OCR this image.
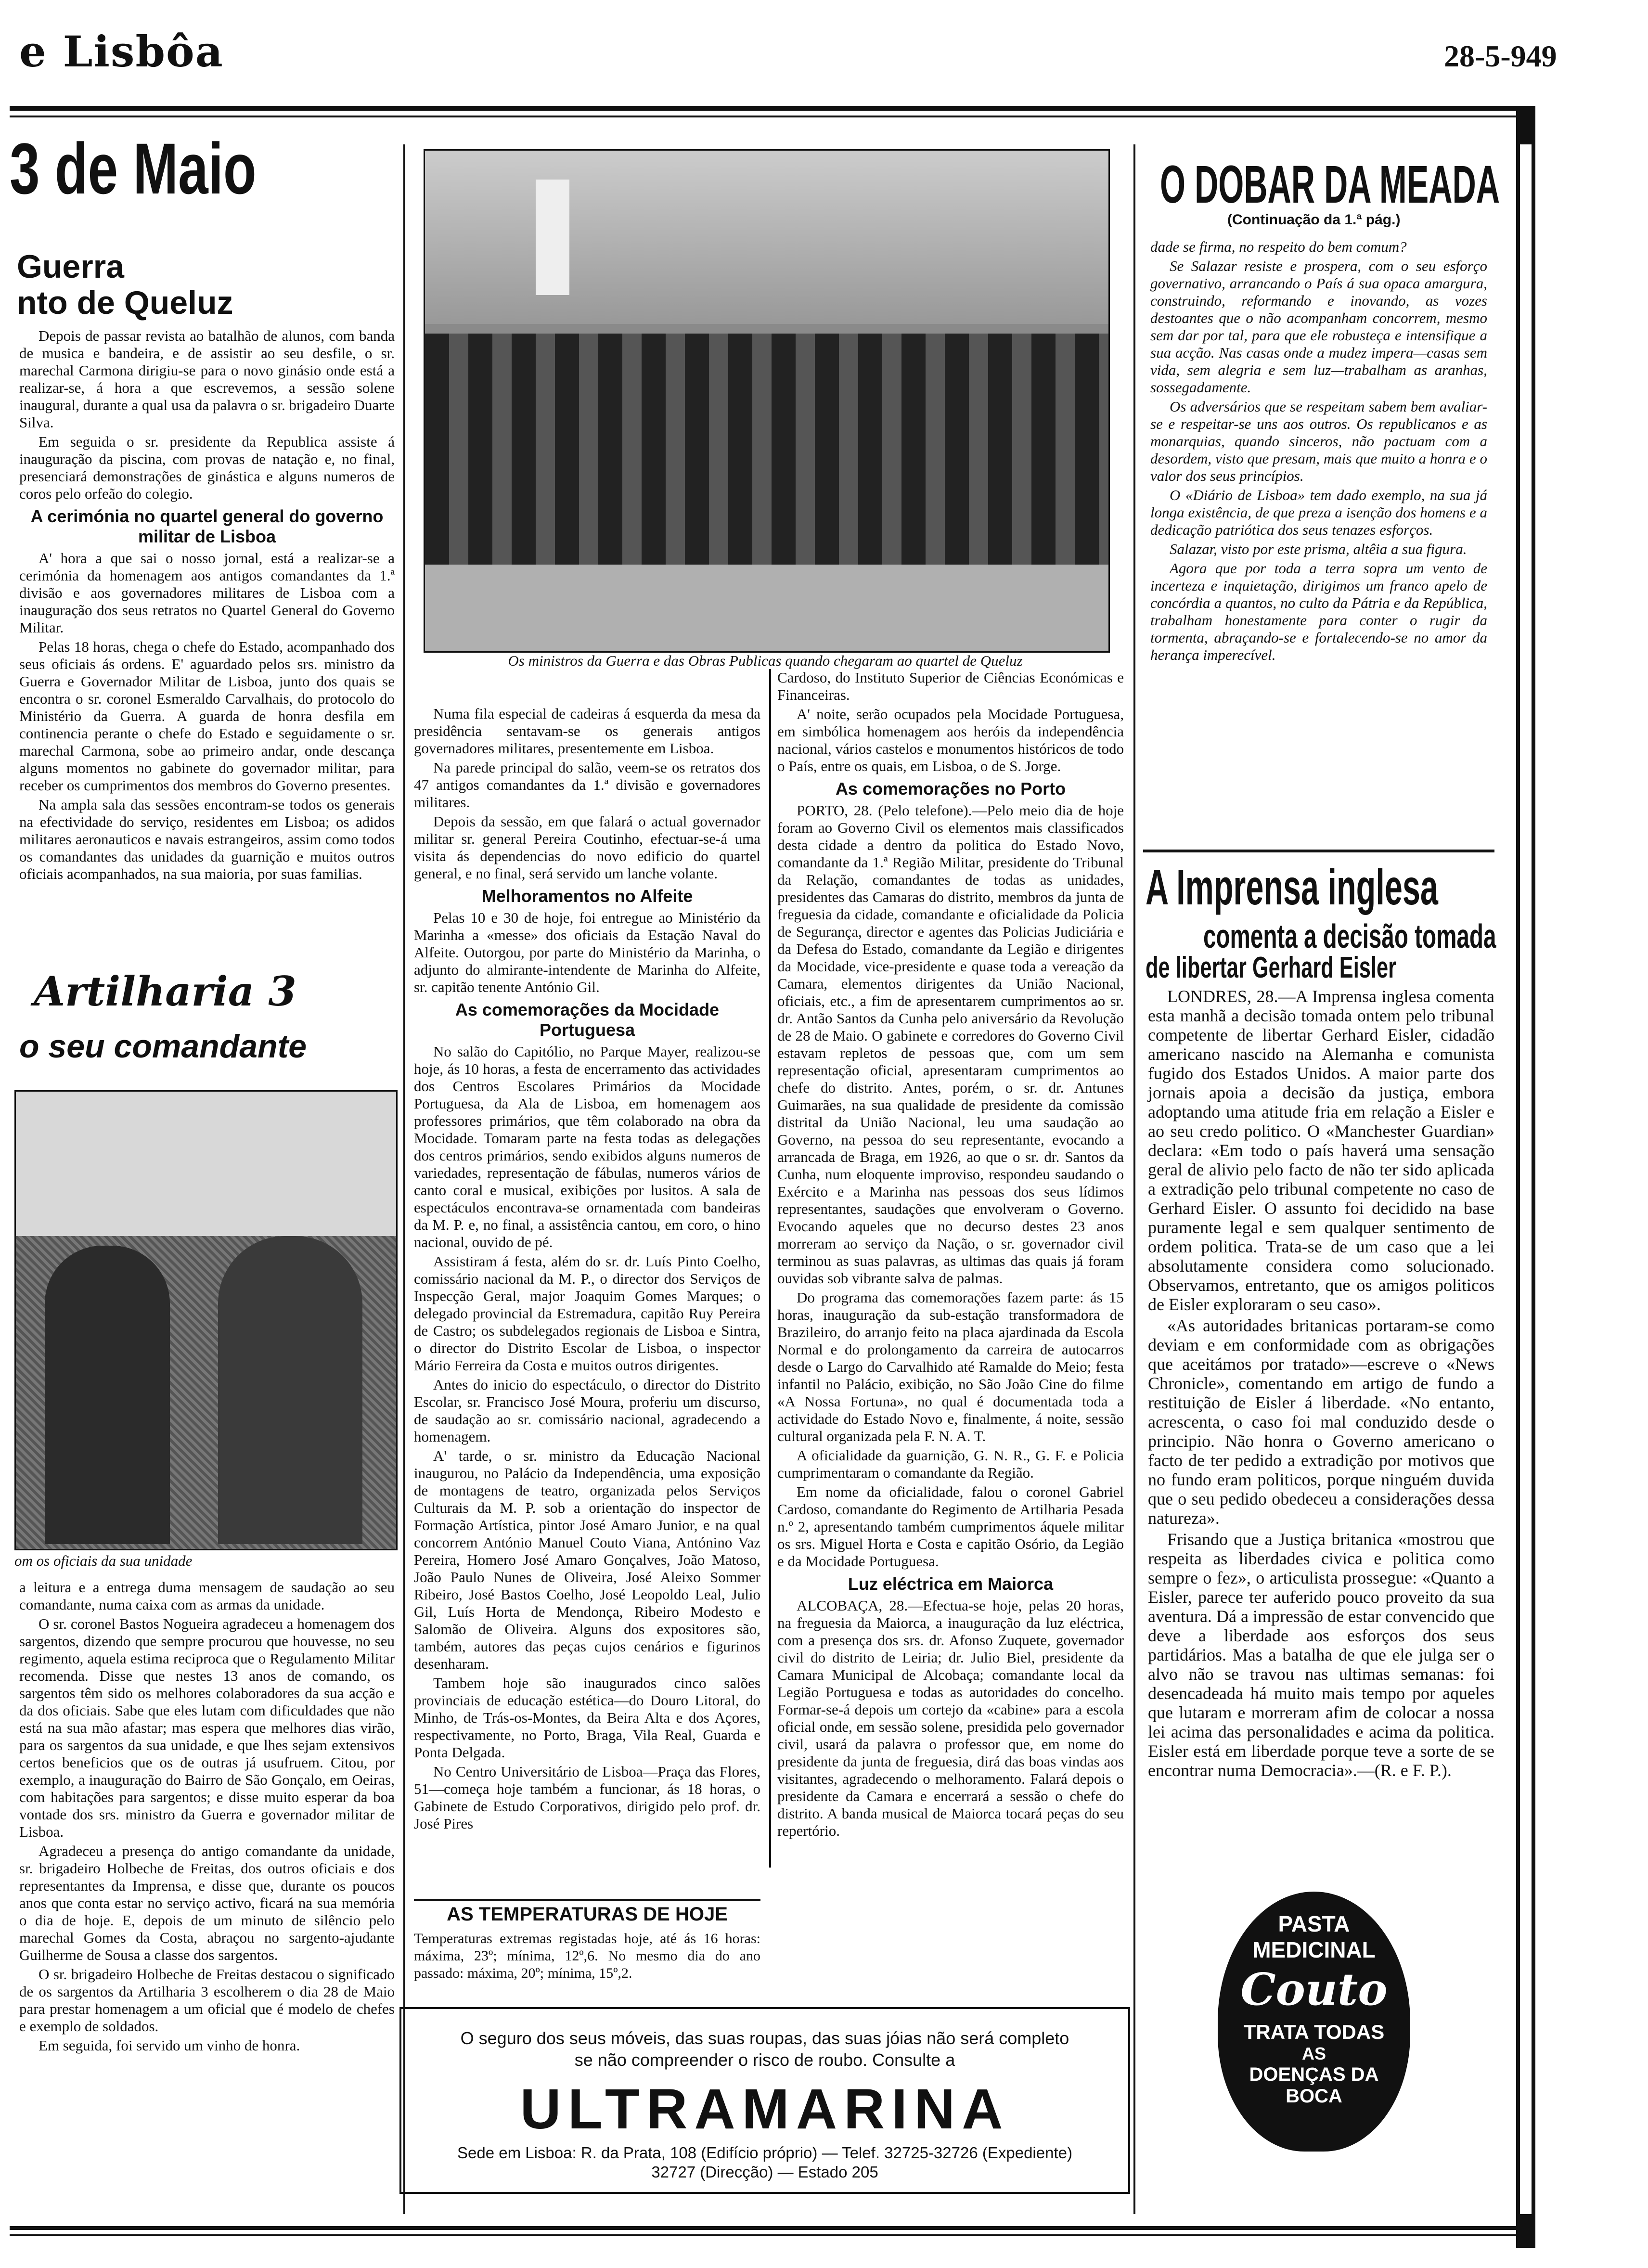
e Lisbôa	28-5-949
3 de Maio
Guerra
nto de Queluz

Depois de passar revista ao batalhão de alunos, com banda de musica e bandeira, e de assistir ao seu desfile, o sr. marechal Carmona dirigiu-se para o novo ginásio onde está a realizar-se, á hora a que escrevemos, a sessão solene inaugural, durante a qual usa da palavra o sr. brigadeiro Duarte Silva.

Em seguida o sr. presidente da Republica assiste á inauguração da piscina, com provas de natação e, no final, presenciará demonstrações de ginástica e alguns numeros de coros pelo orfeão do colegio.

A cerimónia no quartel general do governo militar de Lisboa

A' hora a que sai o nosso jornal, está a realizar-se a cerimónia da homenagem aos antigos comandantes da 1.ª divisão e aos governadores militares de Lisboa com a inauguração dos seus retratos no Quartel General do Governo Militar.

Pelas 18 horas, chega o chefe do Estado, acompanhado dos seus oficiais ás ordens. E' aguardado pelos srs. ministro da Guerra e Governador Militar de Lisboa, junto dos quais se encontra o sr. coronel Esmeraldo Carvalhais, do protocolo do Ministério da Guerra. A guarda de honra desfila em continencia perante o chefe do Estado e seguidamente o sr. marechal Carmona, sobe ao primeiro andar, onde descança alguns momentos no gabinete do governador militar, para receber os cumprimentos dos membros do Governo presentes.

Na ampla sala das sessões encontram-se todos os generais na efectividade do serviço, residentes em Lisboa; os adidos militares aeronauticos e navais estrangeiros, assim como todos os comandantes das unidades da guarnição e muitos outros oficiais acompanhados, na sua maioria, por suas familias.

Artilharia 3
o seu comandante
om os oficiais da sua unidade

a leitura e a entrega duma mensagem de saudação ao seu comandante, numa caixa com as armas da unidade.

O sr. coronel Bastos Nogueira agradeceu a homenagem dos sargentos, dizendo que sempre procurou que houvesse, no seu regimento, aquela estima reciproca que o Regulamento Militar recomenda. Disse que nestes 13 anos de comando, os sargentos têm sido os melhores colaboradores da sua acção e da dos oficiais. Sabe que eles lutam com dificuldades que não está na sua mão afastar; mas espera que melhores dias virão, para os sargentos da sua unidade, e que lhes sejam extensivos certos beneficios que os de outras já usufruem. Citou, por exemplo, a inauguração do Bairro de São Gonçalo, em Oeiras, com habitações para sargentos; e disse muito esperar da boa vontade dos srs. ministro da Guerra e governador militar de Lisboa.

Agradeceu a presença do antigo comandante da unidade, sr. brigadeiro Holbeche de Freitas, dos outros oficiais e dos representantes da Imprensa, e disse que, durante os poucos anos que conta estar no serviço activo, ficará na sua memória o dia de hoje. E, depois de um minuto de silêncio pelo marechal Gomes da Costa, abraçou no sargento-ajudante Guilherme de Sousa a classe dos sargentos.

O sr. brigadeiro Holbeche de Freitas destacou o significado de os sargentos da Artilharia 3 escolherem o dia 28 de Maio para prestar homenagem a um oficial que é modelo de chefes e exemplo de soldados.

Em seguida, foi servido um vinho de honra.

Os ministros da Guerra e das Obras Publicas quando chegaram ao quartel de Queluz

Numa fila especial de cadeiras á esquerda da mesa da presidência sentavam-se os generais antigos governadores militares, presentemente em Lisboa.

Na parede principal do salão, veem-se os retratos dos 47 antigos comandantes da 1.ª divisão e governadores militares.

Depois da sessão, em que falará o actual governador militar sr. general Pereira Coutinho, efectuar-se-á uma visita ás dependencias do novo edificio do quartel general, e no final, será servido um lanche volante.

Melhoramentos no Alfeite

Pelas 10 e 30 de hoje, foi entregue ao Ministério da Marinha a «messe» dos oficiais da Estação Naval do Alfeite. Outorgou, por parte do Ministério da Marinha, o adjunto do almirante-intendente de Marinha do Alfeite, sr. capitão tenente António Gil.

As comemorações da Mocidade Portuguesa

No salão do Capitólio, no Parque Mayer, realizou-se hoje, ás 10 horas, a festa de encerramento das actividades dos Centros Escolares Primários da Mocidade Portuguesa, da Ala de Lisboa, em homenagem aos professores primários, que têm colaborado na obra da Mocidade. Tomaram parte na festa todas as delegações dos centros primários, sendo exibidos alguns numeros de variedades, representação de fábulas, numeros vários de canto coral e musical, exibições por lusitos. A sala de espectáculos encontrava-se ornamentada com bandeiras da M. P. e, no final, a assistência cantou, em coro, o hino nacional, ouvido de pé.

Assistiram á festa, além do sr. dr. Luís Pinto Coelho, comissário nacional da M. P., o director dos Serviços de Inspecção Geral, major Joaquim Gomes Marques; o delegado provincial da Estremadura, capitão Ruy Pereira de Castro; os subdelegados regionais de Lisboa e Sintra, o director do Distrito Escolar de Lisboa, o inspector Mário Ferreira da Costa e muitos outros dirigentes.

Antes do inicio do espectáculo, o director do Distrito Escolar, sr. Francisco José Moura, proferiu um discurso, de saudação ao sr. comissário nacional, agradecendo a homenagem.

A' tarde, o sr. ministro da Educação Nacional inaugurou, no Palácio da Independência, uma exposição de montagens de teatro, organizada pelos Serviços Culturais da M. P. sob a orientação do inspector de Formação Artística, pintor José Amaro Junior, e na qual concorrem António Manuel Couto Viana, Antónino Vaz Pereira, Homero José Amaro Gonçalves, João Matoso, João Paulo Nunes de Oliveira, José Aleixo Sommer Ribeiro, José Bastos Coelho, José Leopoldo Leal, Julio Gil, Luís Horta de Mendonça, Ribeiro Modesto e Salomão de Oliveira. Alguns dos expositores são, também, autores das peças cujos cenários e figurinos desenharam.

Tambem hoje são inaugurados cinco salões provinciais de educação estética—do Douro Litoral, do Minho, de Trás-os-Montes, da Beira Alta e dos Açores, respectivamente, no Porto, Braga, Vila Real, Guarda e Ponta Delgada.

No Centro Universitário de Lisboa—Praça das Flores, 51—começa hoje também a funcionar, ás 18 horas, o Gabinete de Estudo Corporativos, dirigido pelo prof. dr. José Pires

Cardoso, do Instituto Superior de Ciências Económicas e Financeiras.

A' noite, serão ocupados pela Mocidade Portuguesa, em simbólica homenagem aos heróis da independência nacional, vários castelos e monumentos históricos de todo o País, entre os quais, em Lisboa, o de S. Jorge.

As comemorações no Porto

PORTO, 28. (Pelo telefone).—Pelo meio dia de hoje foram ao Governo Civil os elementos mais classificados desta cidade a dentro da politica do Estado Novo, comandante da 1.ª Região Militar, presidente do Tribunal da Relação, comandantes de todas as unidades, presidentes das Camaras do distrito, membros da junta de freguesia da cidade, comandante e oficialidade da Policia de Segurança, director e agentes das Policias Judiciária e da Defesa do Estado, comandante da Legião e dirigentes da Mocidade, vice-presidente e quase toda a vereação da Camara, elementos dirigentes da União Nacional, oficiais, etc., a fim de apresentarem cumprimentos ao sr. dr. Antão Santos da Cunha pelo aniversário da Revolução de 28 de Maio. O gabinete e corredores do Governo Civil estavam repletos de pessoas que, com um sem representação oficial, apresentaram cumprimentos ao chefe do distrito. Antes, porém, o sr. dr. Antunes Guimarães, na sua qualidade de presidente da comissão distrital da União Nacional, leu uma saudação ao Governo, na pessoa do seu representante, evocando a arrancada de Braga, em 1926, ao que o sr. dr. Santos da Cunha, num eloquente improviso, respondeu saudando o Exército e a Marinha nas pessoas dos seus lídimos representantes, saudações que envolveram o Governo. Evocando aqueles que no decurso destes 23 anos morreram ao serviço da Nação, o sr. governador civil terminou as suas palavras, as ultimas das quais já foram ouvidas sob vibrante salva de palmas.

Do programa das comemorações fazem parte: ás 15 horas, inauguração da sub-estação transformadora de Brazileiro, do arranjo feito na placa ajardinada da Escola Normal e do prolongamento da carreira de autocarros desde o Largo do Carvalhido até Ramalde do Meio; festa infantil no Palácio, exibição, no São João Cine do filme «A Nossa Fortuna», no qual é documentada toda a actividade do Estado Novo e, finalmente, á noite, sessão cultural organizada pela F. N. A. T.

A oficialidade da guarnição, G. N. R., G. F. e Policia cumprimentaram o comandante da Região.

Em nome da oficialidade, falou o coronel Gabriel Cardoso, comandante do Regimento de Artilharia Pesada n.º 2, apresentando também cumprimentos áquele militar os srs. Miguel Horta e Costa e capitão Osório, da Legião e da Mocidade Portuguesa.

Luz eléctrica em Maiorca

ALCOBAÇA, 28.—Efectua-se hoje, pelas 20 horas, na freguesia da Maiorca, a inauguração da luz eléctrica, com a presença dos srs. dr. Afonso Zuquete, governador civil do distrito de Leiria; dr. Julio Biel, presidente da Camara Municipal de Alcobaça; comandante local da Legião Portuguesa e todas as autoridades do concelho. Formar-se-á depois um cortejo da «cabine» para a escola oficial onde, em sessão solene, presidida pelo governador civil, usará da palavra o professor que, em nome do presidente da junta de freguesia, dirá das boas vindas aos visitantes, agradecendo o melhoramento. Falará depois o presidente da Camara e encerrará a sessão o chefe do distrito. A banda musical de Maiorca tocará peças do seu repertório.

AS TEMPERATURAS DE HOJE
Temperaturas extremas registadas hoje, até ás 16 horas: máxima, 23º; mínima, 12º,6. No mesmo dia do ano passado: máxima, 20º; mínima, 15º,2.
O seguro dos seus móveis, das suas roupas, das suas jóias não será completo
se não compreender o risco de roubo. Consulte a
ULTRAMARINA
Sede em Lisboa: R. da Prata, 108 (Edifício próprio) — Telef. 32725-32726 (Expediente)
32727 (Direcção) — Estado 205
O DOBAR DA MEADA
(Continuação da 1.ª pág.)

dade se firma, no respeito do bem comum?

Se Salazar resiste e prospera, com o seu esforço governativo, arrancando o País á sua opaca amargura, construindo, reformando e inovando, as vozes destoantes que o não acompanham concorrem, mesmo sem dar por tal, para que ele robusteça e intensifique a sua acção. Nas casas onde a mudez impera—casas sem vida, sem alegria e sem luz—trabalham as aranhas, sossegadamente.

Os adversários que se respeitam sabem bem avaliar-se e respeitar-se uns aos outros. Os republicanos e as monarquias, quando sinceros, não pactuam com a desordem, visto que presam, mais que muito a honra e o valor dos seus princípios.

O «Diário de Lisboa» tem dado exemplo, na sua já longa existência, de que preza a isenção dos homens e a dedicação patriótica dos seus tenazes esforços.

Salazar, visto por este prisma, altêia a sua figura.

Agora que por toda a terra sopra um vento de incerteza e inquietação, dirigimos um franco apelo de concórdia a quantos, no culto da Pátria e da República, trabalham honestamente para conter o rugir da tormenta, abraçando-se e fortalecendo-se no amor da herança imperecível.

A Imprensa inglesa
comenta a decisão tomada
de libertar Gerhard Eisler

LONDRES, 28.—A Imprensa inglesa comenta esta manhã a decisão tomada ontem pelo tribunal competente de libertar Gerhard Eisler, cidadão americano nascido na Alemanha e comunista fugido dos Estados Unidos. A maior parte dos jornais apoia a decisão da justiça, embora adoptando uma atitude fria em relação a Eisler e ao seu credo politico. O «Manchester Guardian» declara: «Em todo o país haverá uma sensação geral de alivio pelo facto de não ter sido aplicada a extradição pelo tribunal competente no caso de Gerhard Eisler. O assunto foi decidido na base puramente legal e sem qualquer sentimento de ordem politica. Trata-se de um caso que a lei absolutamente considera como solucionado. Observamos, entretanto, que os amigos politicos de Eisler exploraram o seu caso».

«As autoridades britanicas portaram-se como deviam e em conformidade com as obrigações que aceitámos por tratado»—escreve o «News Chronicle», comentando em artigo de fundo a restituição de Eisler á liberdade. «No entanto, acrescenta, o caso foi mal conduzido desde o principio. Não honra o Governo americano o facto de ter pedido a extradição por motivos que no fundo eram politicos, porque ninguém duvida que o seu pedido obedeceu a considerações dessa natureza».

Frisando que a Justiça britanica «mostrou que respeita as liberdades civica e politica como sempre o fez», o articulista prossegue: «Quanto a Eisler, parece ter auferido pouco proveito da sua aventura. Dá a impressão de estar convencido que deve a liberdade aos esforços dos seus partidários. Mas a batalha de que ele julga ser o alvo não se travou nas ultimas semanas: foi desencadeada há muito mais tempo por aqueles que lutaram e morreram afim de colocar a nossa lei acima das personalidades e acima da politica. Eisler está em liberdade porque teve a sorte de se encontrar numa Democracia».—(R. e F. P.).

PASTA
MEDICINAL
Couto
TRATA TODAS
AS
DOENÇAS DA
BOCA
